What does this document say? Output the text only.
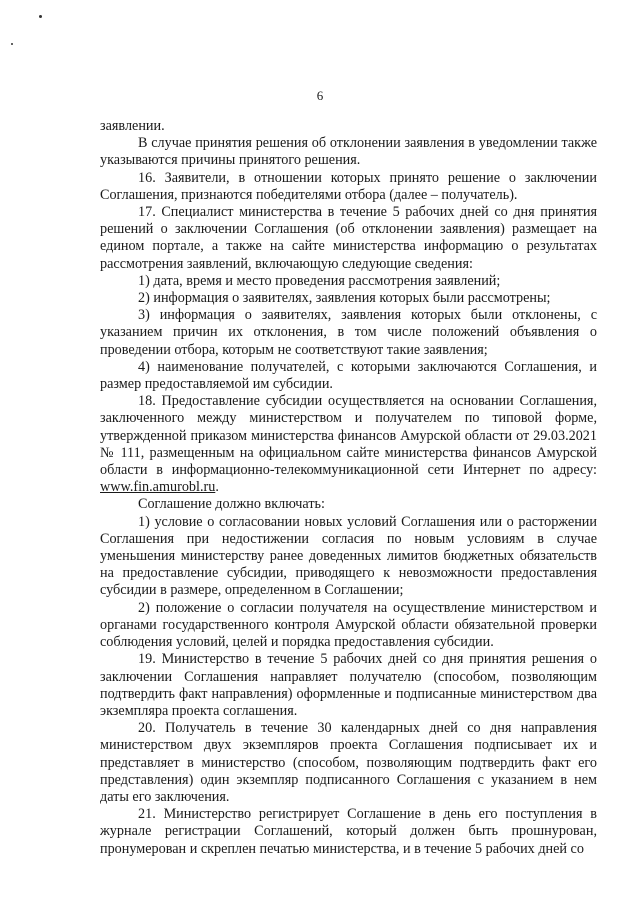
6

заявлении.

В случае принятия решения об отклонении заявления в уведомлении также указываются причины принятого решения.

16. Заявители, в отношении которых принято решение о заключении Соглашения, признаются победителями отбора (далее – получатель).

17. Специалист министерства в течение 5 рабочих дней со дня принятия решений о заключении Соглашения (об отклонении заявления) размещает на едином портале, а также на сайте министерства информацию о результатах рассмотрения заявлений, включающую следующие сведения:

1) дата, время и место проведения рассмотрения заявлений;

2) информация о заявителях, заявления которых были рассмотрены;

3) информация о заявителях, заявления которых были отклонены, с указанием причин их отклонения, в том числе положений объявления о проведении отбора, которым не соответствуют такие заявления;

4) наименование получателей, с которыми заключаются Соглашения, и размер предоставляемой им субсидии.

18. Предоставление субсидии осуществляется на основании Соглашения, заключенного между министерством и получателем по типовой форме, утвержденной приказом министерства финансов Амурской области от 29.03.2021 № 111, размещенным на официальном сайте министерства финансов Амурской области в информационно-телекоммуникационной сети Интернет по адресу: www.fin.amurobl.ru.

Соглашение должно включать:

1) условие о согласовании новых условий Соглашения или о расторжении Соглашения при недостижении согласия по новым условиям в случае уменьшения министерству ранее доведенных лимитов бюджетных обязательств на предоставление субсидии, приводящего к невозможности предоставления субсидии в размере, определенном в Соглашении;

2) положение о согласии получателя на осуществление министерством и органами государственного контроля Амурской области обязательной проверки соблюдения условий, целей и порядка предоставления субсидии.

19. Министерство в течение 5 рабочих дней со дня принятия решения о заключении Соглашения направляет получателю (способом, позволяющим подтвердить факт направления) оформленные и подписанные министерством два экземпляра проекта соглашения.

20. Получатель в течение 30 календарных дней со дня направления министерством двух экземпляров проекта Соглашения подписывает их и представляет в министерство (способом, позволяющим подтвердить факт его представления) один экземпляр подписанного Соглашения с указанием в нем даты его заключения.

21. Министерство регистрирует Соглашение в день его поступления в журнале регистрации Соглашений, который должен быть прошнурован, пронумерован и скреплен печатью министерства, и в течение 5 рабочих дней со
